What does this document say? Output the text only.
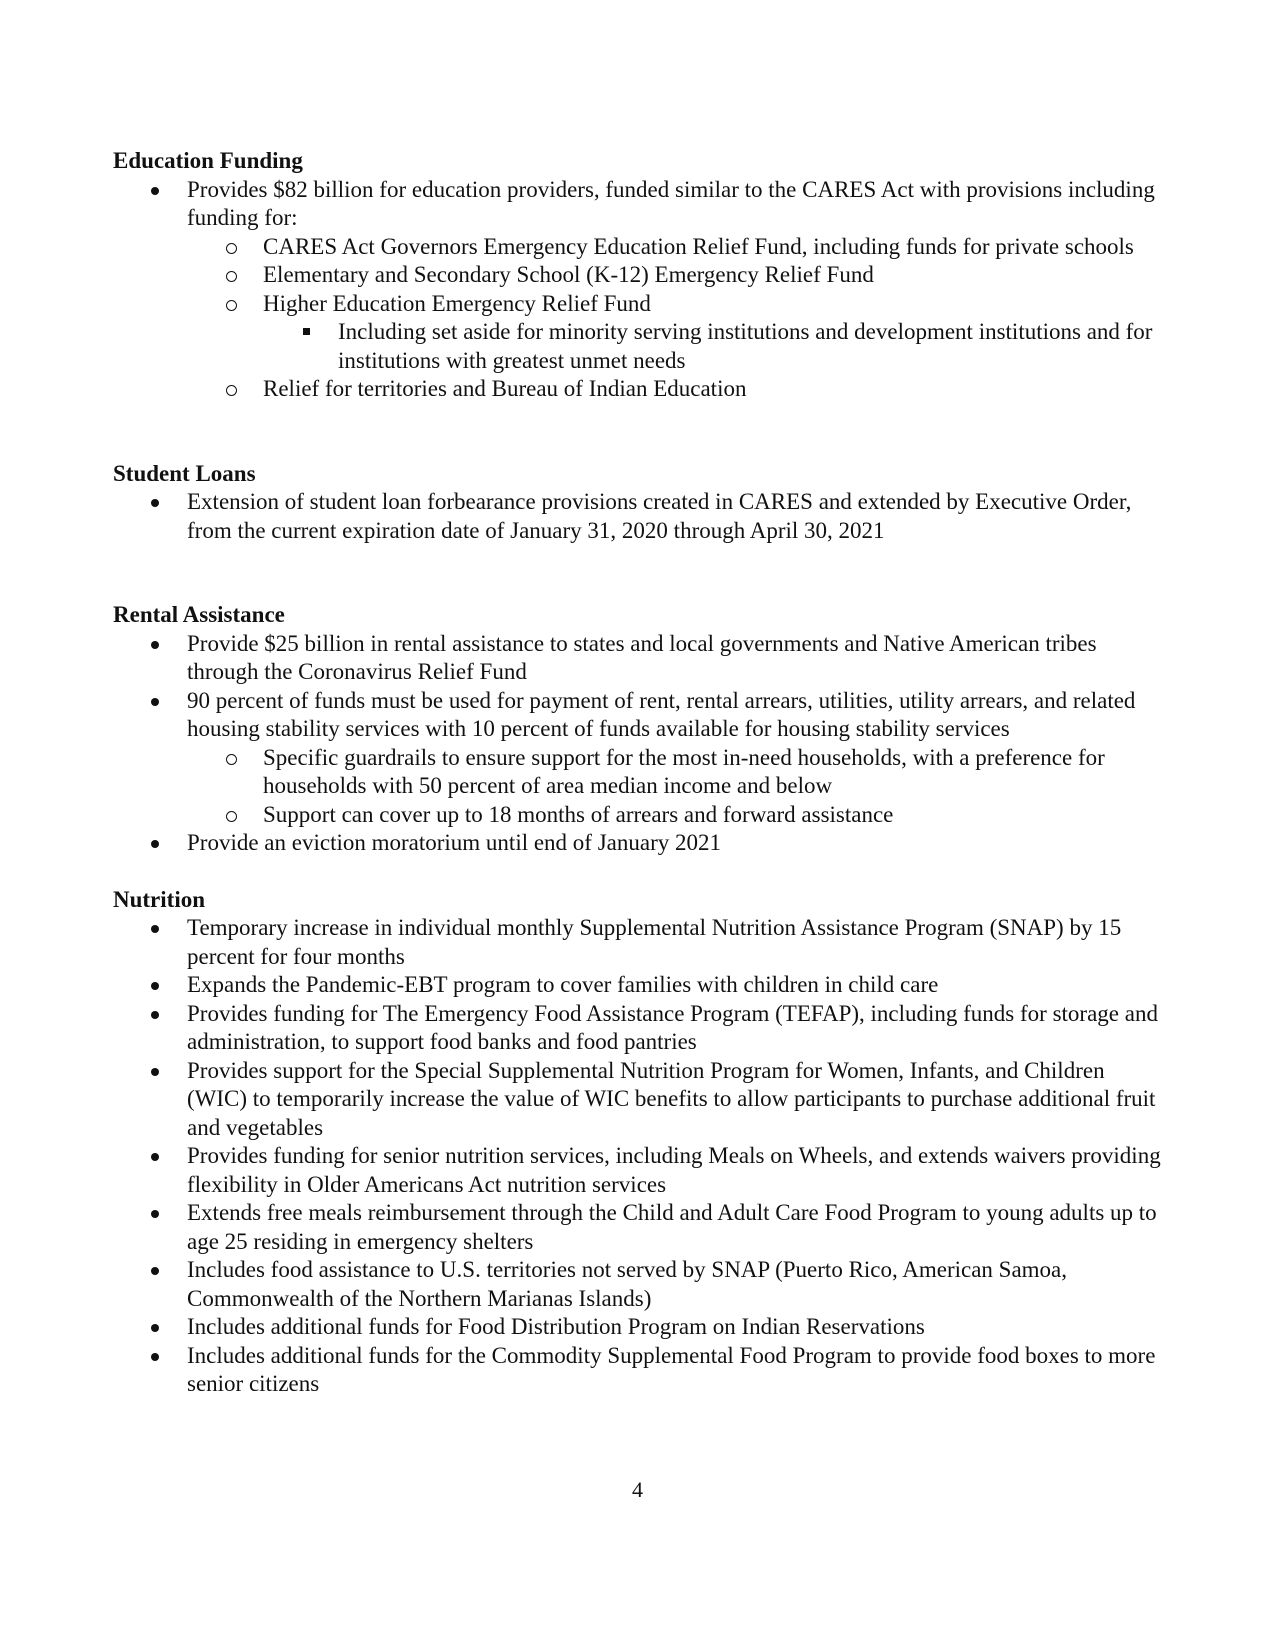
Education Funding

Provides $82 billion for education providers, funded similar to the CARES Act with provisions including funding for:
CARES Act Governors Emergency Education Relief Fund, including funds for private schools
Elementary and Secondary School (K-12) Emergency Relief Fund
Higher Education Emergency Relief Fund
Including set aside for minority serving institutions and development institutions and for institutions with greatest unmet needs
Relief for territories and Bureau of Indian Education

Student Loans

Extension of student loan forbearance provisions created in CARES and extended by Executive Order, from the current expiration date of January 31, 2020 through April 30, 2021

Rental Assistance

Provide $25 billion in rental assistance to states and local governments and Native American tribes through the Coronavirus Relief Fund
90 percent of funds must be used for payment of rent, rental arrears, utilities, utility arrears, and related housing stability services with 10 percent of funds available for housing stability services
Specific guardrails to ensure support for the most in-need households, with a preference for households with 50 percent of area median income and below
Support can cover up to 18 months of arrears and forward assistance
Provide an eviction moratorium until end of January 2021

Nutrition

Temporary increase in individual monthly Supplemental Nutrition Assistance Program (SNAP) by 15 percent for four months
Expands the Pandemic-EBT program to cover families with children in child care
Provides funding for The Emergency Food Assistance Program (TEFAP), including funds for storage and administration, to support food banks and food pantries
Provides support for the Special Supplemental Nutrition Program for Women, Infants, and Children (WIC) to temporarily increase the value of WIC benefits to allow participants to purchase additional fruit and vegetables
Provides funding for senior nutrition services, including Meals on Wheels, and extends waivers providing flexibility in Older Americans Act nutrition services
Extends free meals reimbursement through the Child and Adult Care Food Program to young adults up to age 25 residing in emergency shelters
Includes food assistance to U.S. territories not served by SNAP (Puerto Rico, American Samoa, Commonwealth of the Northern Marianas Islands)
Includes additional funds for Food Distribution Program on Indian Reservations
Includes additional funds for the Commodity Supplemental Food Program to provide food boxes to more senior citizens
4
